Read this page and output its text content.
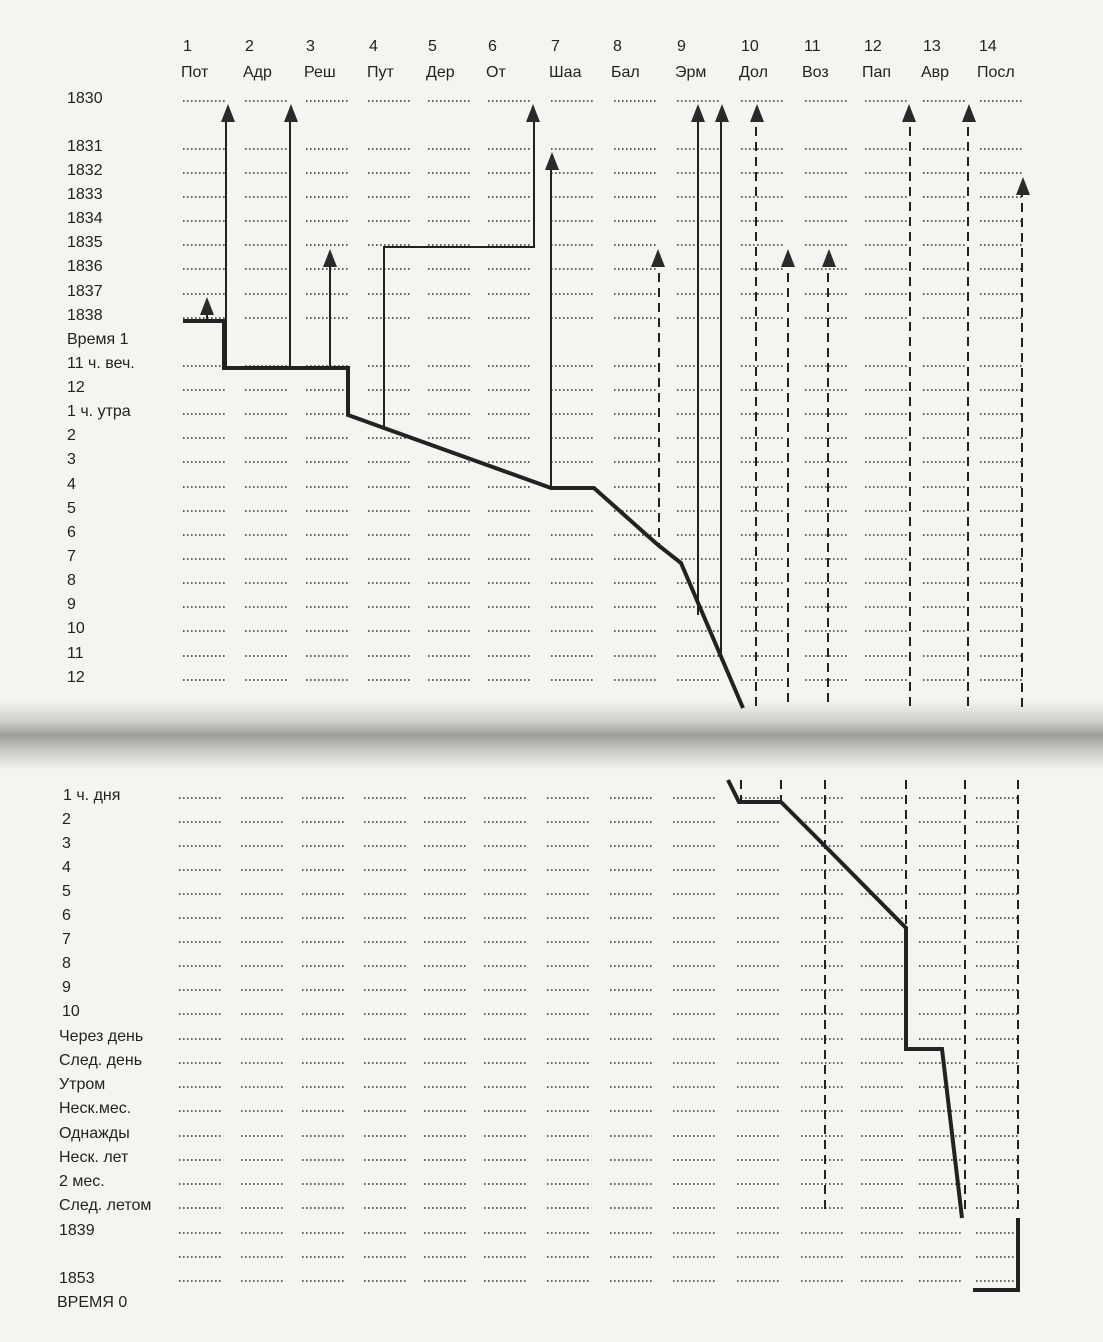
1
Пот
2
Адр
3
Реш
4
Пут
5
Дер
6
От
7
Шаа
8
Бал
9
Эрм
10
Дол
11
Воз
12
Пап
13
Авр
14
Посл
1830
1831
1832
1833
1834
1835
1836
1837
1838
Время 1
11 ч. веч.
12
1 ч. утра
2
3
4
5
6
7
8
9
10
11
12
1 ч. дня
2
3
4
5
6
7
8
9
10
Через день
След. день
Утром
Неск.мес.
Однажды
Неск. лет
2 мес.
След. летом
1839
1853
ВРЕМЯ 0
